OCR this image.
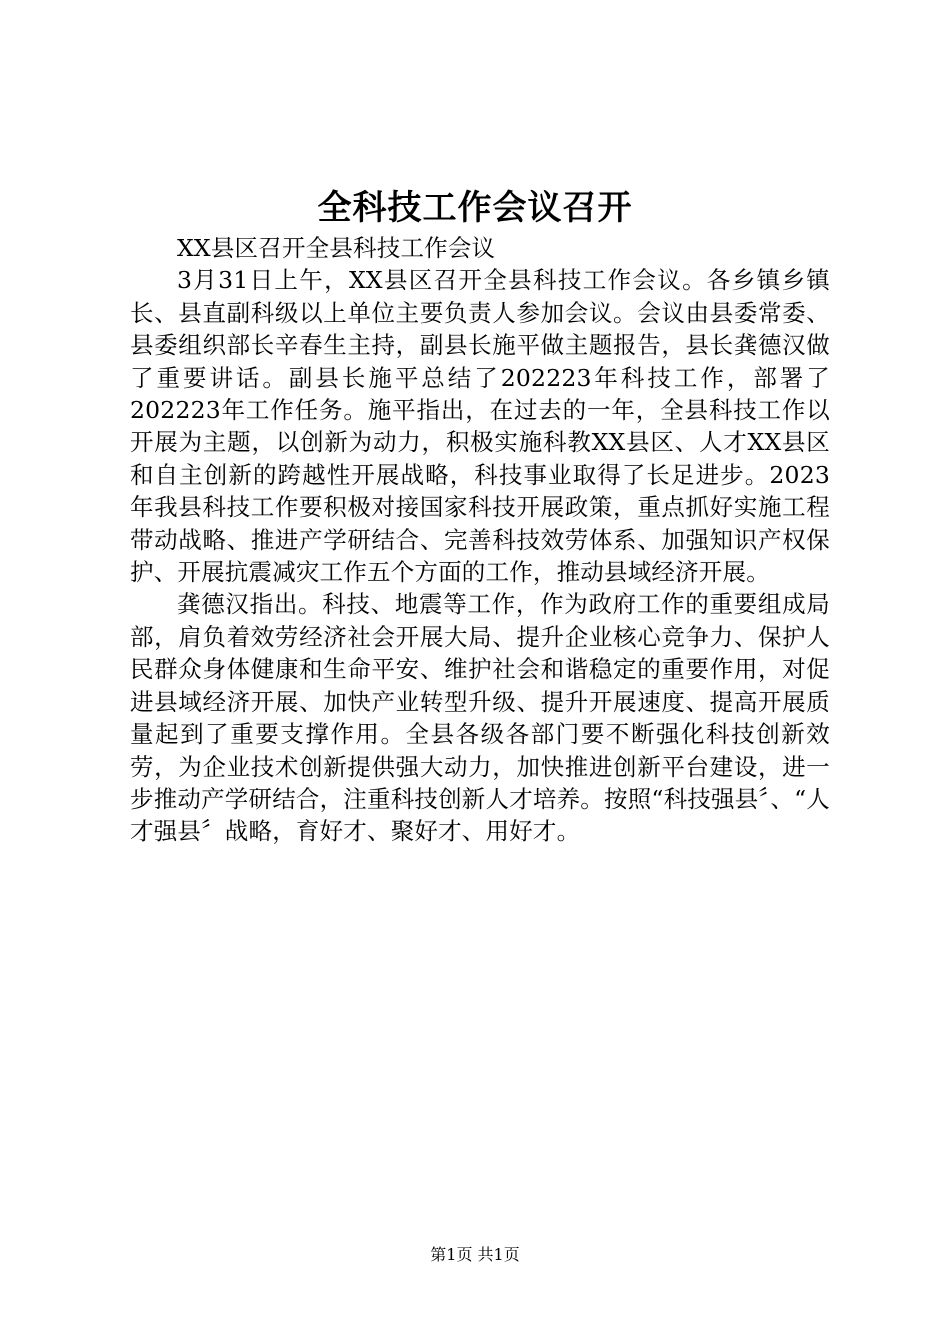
全科技工作会议召开

XX县区召开全县科技工作会议

3月31日上午，XX县区召开全县科技工作会议。各乡镇乡镇长、县直副科级以上单位主要负责人参加会议。会议由县委常委、县委组织部长辛春生主持，副县长施平做主题报告，县长龚德汉做了重要讲话。副县长施平总结了202223年科技工作，部署了202223年工作任务。施平指出，在过去的一年，全县科技工作以开展为主题，以创新为动力，积极实施科教XX县区、人才XX县区和自主创新的跨越性开展战略，科技事业取得了长足进步。2023年我县科技工作要积极对接国家科技开展政策，重点抓好实施工程带动战略、推进产学研结合、完善科技效劳体系、加强知识产权保护、开展抗震减灾工作五个方面的工作，推动县域经济开展。

龚德汉指出。科技、地震等工作，作为政府工作的重要组成局部，肩负着效劳经济社会开展大局、提升企业核心竞争力、保护人民群众身体健康和生命平安、维护社会和谐稳定的重要作用，对促进县域经济开展、加快产业转型升级、提升开展速度、提高开展质量起到了重要支撑作用。全县各级各部门要不断强化科技创新效劳，为企业技术创新提供强大动力，加快推进创新平台建设，进一步推动产学研结合，注重科技创新人才培养。按照“科技强县〞、“人才强县〞战略，育好才、聚好才、用好才。

第1页 共1页
